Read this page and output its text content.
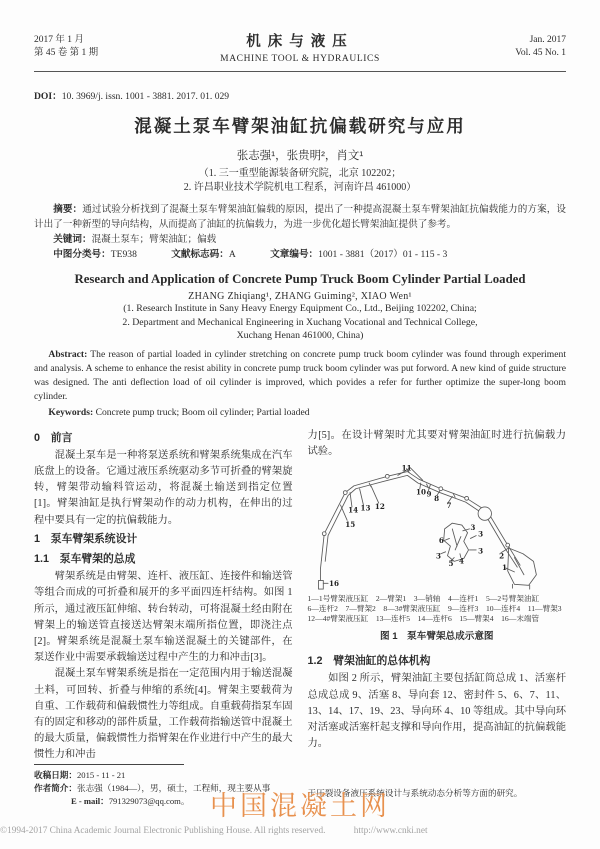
2017 年 1 月
第 45 卷 第 1 期
机床与液压
MACHINE TOOL & HYDRAULICS
Jan. 2017
Vol. 45 No. 1
DOI：10. 3969/j. issn. 1001 - 3881. 2017. 01. 029
混凝土泵车臂架油缸抗偏载研究与应用
张志强¹，张贵明²，肖文¹
（1. 三一重型能源装备研究院，北京 102202；
2. 许昌职业技术学院机电工程系，河南许昌 461000）

摘要：通过试验分析找到了混凝土泵车臂架油缸偏载的原因，提出了一种提高混凝土泵车臂架油缸抗偏载能力的方案，设计出了一种新型的导向结构，从而提高了油缸的抗偏载力，为进一步优化超长臂架油缸提供了参考。

关键词：混凝土泵车；臂架油缸；偏载

中图分类号：TE938	文献标志码：A	文章编号：1001 - 3881（2017）01 - 115 - 3

Research and Application of Concrete Pump Truck Boom Cylinder Partial Loaded
ZHANG Zhiqiang¹, ZHANG Guiming², XIAO Wen¹
(1. Research Institute in Sany Heavy Energy Equipment Co., Ltd., Beijing 102202, China;
2. Department and Mechanical Engineering in Xuchang Vocational and Technical College,
Xuchang Henan 461000, China)

Abstract: The reason of partial loaded in cylinder stretching on concrete pump truck boom cylinder was found through experiment and analysis. A scheme to enhance the resist ability in concrete pump truck boom cylinder was put forword. A new kind of guide structure was designed. The anti deflection load of oil cylinder is improved, which povides a refer for further optimize the super-long boom cylinder.

Keywords: Concrete pump truck; Boom oil cylinder; Partial loaded

0　前言

混凝土泵车是一种将泵送系统和臂架系统集成在汽车底盘上的设备。它通过液压系统驱动多节可折叠的臂架旋转，臂架带动输料管运动，将混凝土输送到指定位置[1]。臂架油缸是执行臂架动作的动力机构，在伸出的过程中要具有一定的抗偏载能力。

1　泵车臂架系统设计
1.1　泵车臂架的总成

臂架系统是由臂架、连杆、液压缸、连接件和输送管等组合而成的可折叠和展开的多平面四连杆结构。如图 1 所示，通过液压缸伸缩、转台转动，可将混凝土经由附在臂架上的输送管直接送达臂架末端所指位置，即浇注点[2]。臂架系统是混凝土泵车输送混凝土的关键部件，在泵送作业中需要承载输送过程中产生的力和冲击[3]。

混凝土泵车臂架系统是指在一定范围内用于输送混凝土料，可回转、折叠与伸缩的系统[4]。臂架主要载荷为自重、工作载荷和偏载惯性力等组成。自重载荷指泵车固有的固定和移动的部件质量，工作载荷指输送管中混凝土的最大质量，偏载惯性力指臂架在作业进行中产生的最大惯性力和冲击

收稿日期：2015 - 11 - 21
作者简介：张志强（1984—），男，硕士，工程师，现主要从事
E - mail：791329073@qq.com。

力[5]。在设计臂架时尤其要对臂架油缸时进行抗偏载力试验。

11
10 9
8
7
12
13
14
15
16
2
1
6
5 4
3
3
3
3
1—1号臂架液压缸　2—臂架1　3—销轴　4—连杆1　5—2号臂架油缸
6—连杆2　7—臂架2　8—3#臂架液压缸　9—连杆3　10—连杆4　11—臂架3
12—4#臂架液压缸　13—连杆5　14—连杆6　15—臂架4　16—末端管
图 1　泵车臂架总成示意图
1.2　臂架油缸的总体机构

如图 2 所示，臂架油缸主要包括缸筒总成 1、活塞杆总成总成 9、活塞 8、导向套 12、密封件 5、6、7、11、13、14、17、19、23、导向环 4、10 等组成。其中导向环对活塞或活塞杆起支撑和导向作用，提高油缸的抗偏载能力。

于压裂设备液压系统设计与系统动态分析等方面的研究。
中国混凝土网
©1994-2017 China Academic Journal Electronic Publishing House. All rights reserved.	http://www.cnki.net
